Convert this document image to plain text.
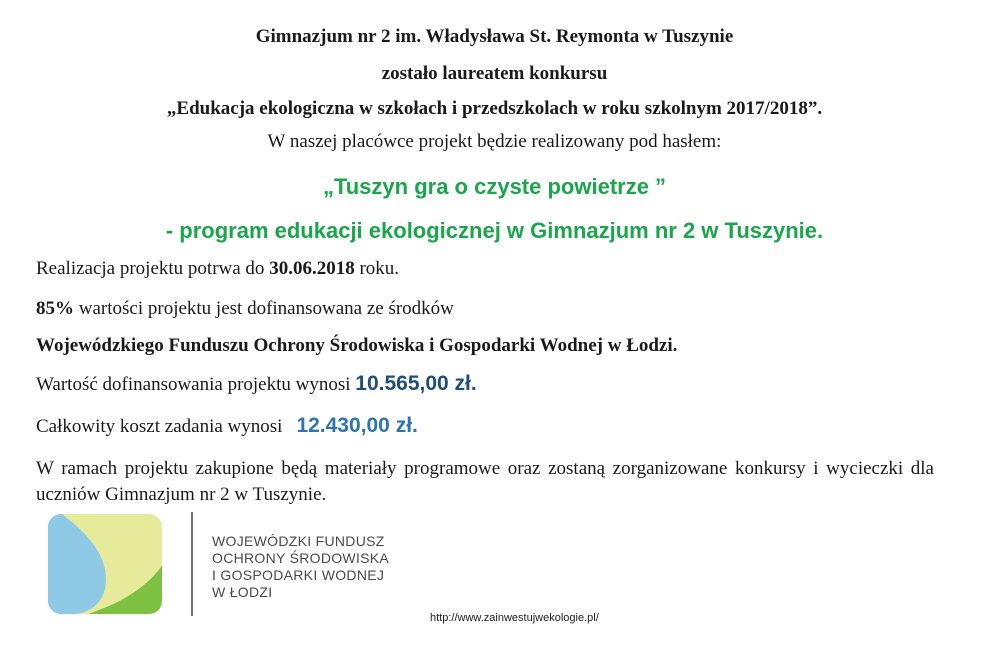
Gimnazjum nr 2 im. Władysława St. Reymonta w Tuszynie
zostało laureatem konkursu
„Edukacja ekologiczna w szkołach i przedszkolach w roku szkolnym 2017/2018”.
W naszej placówce projekt będzie realizowany pod hasłem:
„Tuszyn gra o czyste powietrze ”
- program edukacji ekologicznej w Gimnazjum nr 2 w Tuszynie.
Realizacja projektu potrwa do 30.06.2018 roku.
85% wartości projektu jest dofinansowana ze środków
Wojewódzkiego Funduszu Ochrony Środowiska i Gospodarki Wodnej w Łodzi.
Wartość dofinansowania projektu wynosi 10.565,00 zł.
Całkowity koszt zadania wynosi 12.430,00 zł.
W ramach projektu zakupione będą materiały programowe oraz zostaną zorganizowane konkursy i wycieczki dla uczniów Gimnazjum nr 2 w Tuszynie.
WOJEWÓDZKI FUNDUSZ
OCHRONY ŚRODOWISKA
I GOSPODARKI WODNEJ
W ŁODZI
http://www.zainwestujwekologie.pl/
